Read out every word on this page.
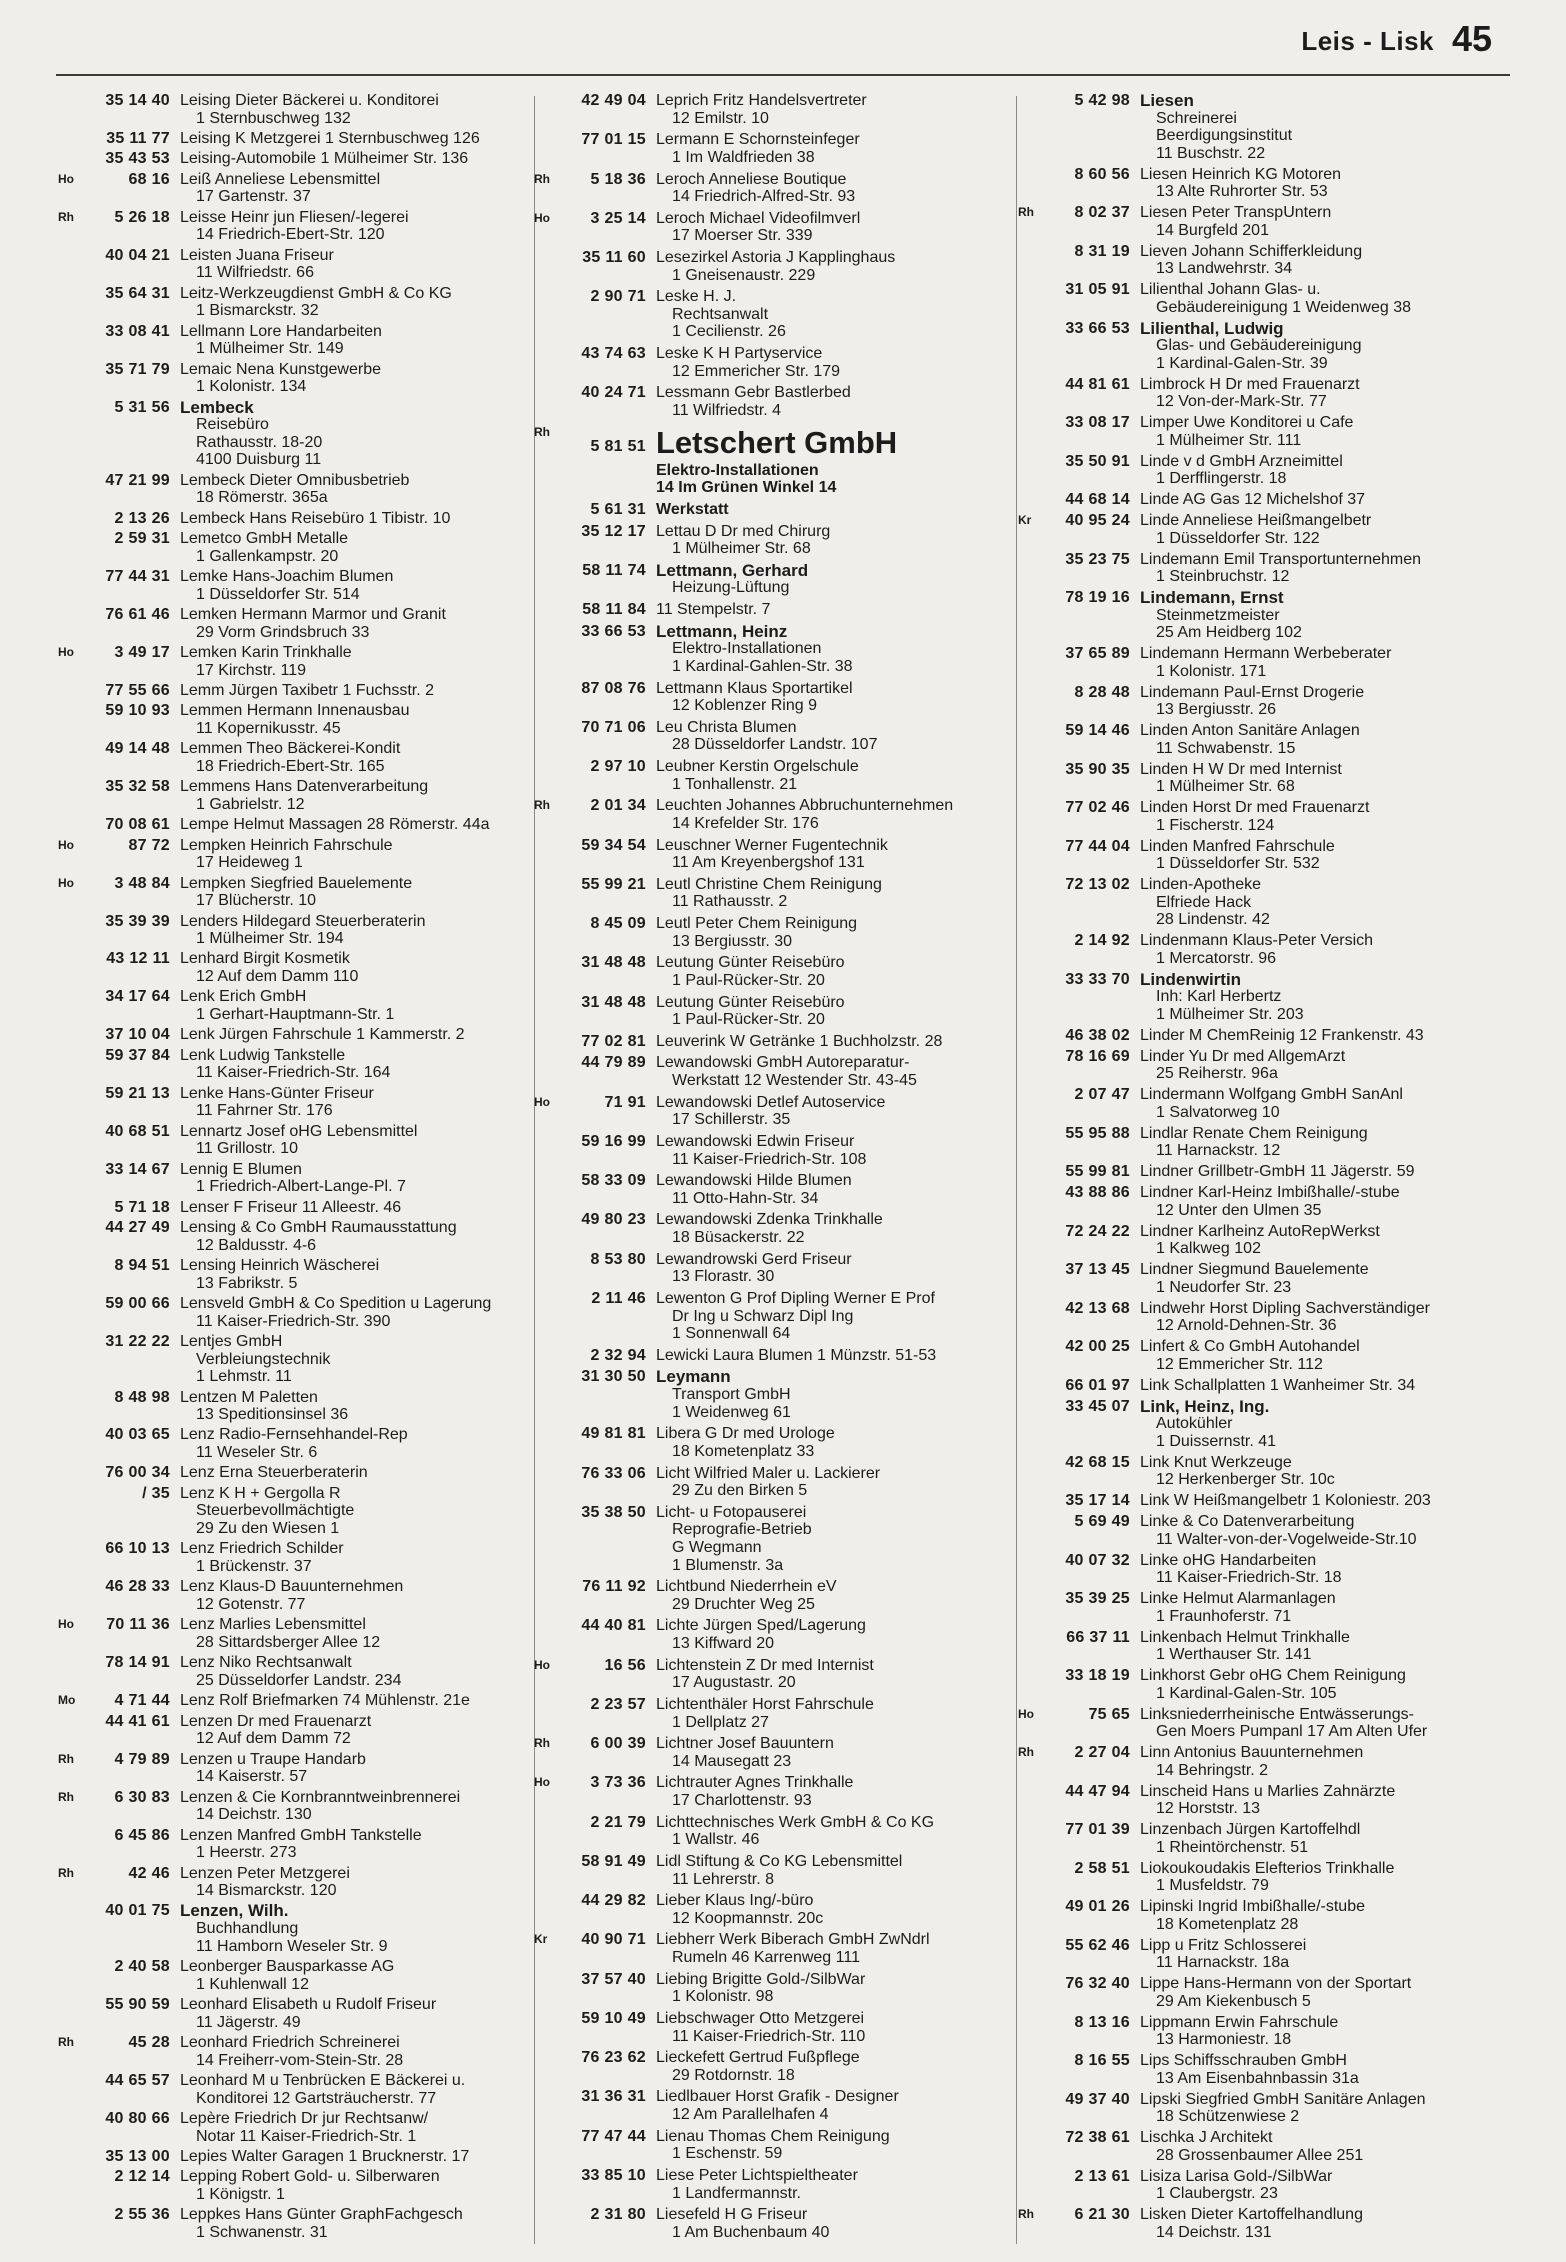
Leis - Lisk 45
35 14 40 Leising Dieter Bäckerei u. Konditorei
1 Sternbuschweg 132
35 11 77 Leising K Metzgerei 1 Sternbuschweg 126
35 43 53 Leising-Automobile 1 Mülheimer Str. 136
Ho	68 16 Leiß Anneliese Lebensmittel
17 Gartenstr. 37
Rh	5 26 18 Leisse Heinr jun Fliesen/-legerei
14 Friedrich-Ebert-Str. 120
40 04 21 Leisten Juana Friseur
11 Wilfriedstr. 66
35 64 31 Leitz-Werkzeugdienst GmbH & Co KG
1 Bismarckstr. 32
33 08 41 Lellmann Lore Handarbeiten
1 Mülheimer Str. 149
35 71 79 Lemaic Nena Kunstgewerbe
1 Kolonistr. 134
5 31 56 Lembeck
Reisebüro
Rathausstr. 18-20
4100 Duisburg 11
47 21 99 Lembeck Dieter Omnibusbetrieb
18 Römerstr. 365a
2 13 26 Lembeck Hans Reisebüro 1 Tibistr. 10
2 59 31 Lemetco GmbH Metalle
1 Gallenkampstr. 20
77 44 31 Lemke Hans-Joachim Blumen
1 Düsseldorfer Str. 514
76 61 46 Lemken Hermann Marmor und Granit
29 Vorm Grindsbruch 33
Ho	3 49 17 Lemken Karin Trinkhalle
17 Kirchstr. 119
77 55 66 Lemm Jürgen Taxibetr 1 Fuchsstr. 2
59 10 93 Lemmen Hermann Innenausbau
11 Kopernikusstr. 45
49 14 48 Lemmen Theo Bäckerei-Kondit
18 Friedrich-Ebert-Str. 165
35 32 58 Lemmens Hans Datenverarbeitung
1 Gabrielstr. 12
70 08 61 Lempe Helmut Massagen 28 Römerstr. 44a
Ho	87 72 Lempken Heinrich Fahrschule
17 Heideweg 1
Ho	3 48 84 Lempken Siegfried Bauelemente
17 Blücherstr. 10
35 39 39 Lenders Hildegard Steuerberaterin
1 Mülheimer Str. 194
43 12 11 Lenhard Birgit Kosmetik
12 Auf dem Damm 110
34 17 64 Lenk Erich GmbH
1 Gerhart-Hauptmann-Str. 1
37 10 04 Lenk Jürgen Fahrschule 1 Kammerstr. 2
59 37 84 Lenk Ludwig Tankstelle
11 Kaiser-Friedrich-Str. 164
59 21 13 Lenke Hans-Günter Friseur
11 Fahrner Str. 176
40 68 51 Lennartz Josef oHG Lebensmittel
11 Grillostr. 10
33 14 67 Lennig E Blumen
1 Friedrich-Albert-Lange-Pl. 7
5 71 18 Lenser F Friseur 11 Alleestr. 46
44 27 49 Lensing & Co GmbH Raumausstattung
12 Baldusstr. 4-6
8 94 51 Lensing Heinrich Wäscherei
13 Fabrikstr. 5
59 00 66 Lensveld GmbH & Co Spedition u Lagerung
11 Kaiser-Friedrich-Str. 390
31 22 22 Lentjes GmbH
Verbleiungstechnik
1 Lehmstr. 11
8 48 98 Lentzen M Paletten
13 Speditionsinsel 36
40 03 65 Lenz Radio-Fernsehhandel-Rep
11 Weseler Str. 6
76 00 34 Lenz Erna Steuerberaterin
/ 35 Lenz K H + Gergolla R
Steuerbevollmächtigte
29 Zu den Wiesen 1
66 10 13 Lenz Friedrich Schilder
1 Brückenstr. 37
46 28 33 Lenz Klaus-D Bauunternehmen
12 Gotenstr. 77
Ho	70 11 36 Lenz Marlies Lebensmittel
28 Sittardsberger Allee 12
78 14 91 Lenz Niko Rechtsanwalt
25 Düsseldorfer Landstr. 234
Mo	4 71 44 Lenz Rolf Briefmarken 74 Mühlenstr. 21e
44 41 61 Lenzen Dr med Frauenarzt
12 Auf dem Damm 72
Rh	4 79 89 Lenzen u Traupe Handarb
14 Kaiserstr. 57
Rh	6 30 83 Lenzen & Cie Kornbranntweinbrennerei
14 Deichstr. 130
6 45 86 Lenzen Manfred GmbH Tankstelle
1 Heerstr. 273
Rh	42 46 Lenzen Peter Metzgerei
14 Bismarckstr. 120
40 01 75 Lenzen, Wilh.
Buchhandlung
11 Hamborn Weseler Str. 9
2 40 58 Leonberger Bausparkasse AG
1 Kuhlenwall 12
55 90 59 Leonhard Elisabeth u Rudolf Friseur
11 Jägerstr. 49
Rh	45 28 Leonhard Friedrich Schreinerei
14 Freiherr-vom-Stein-Str. 28
44 65 57 Leonhard M u Tenbrücken E Bäckerei u.
Konditorei 12 Gartsträucherstr. 77
40 80 66 Lepère Friedrich Dr jur Rechtsanw/
Notar 11 Kaiser-Friedrich-Str. 1
35 13 00 Lepies Walter Garagen 1 Brucknerstr. 17
2 12 14 Lepping Robert Gold- u. Silberwaren
1 Königstr. 1
2 55 36 Leppkes Hans Günter GraphFachgesch
1 Schwanenstr. 31
42 49 04 Leprich Fritz Handelsvertreter
12 Emilstr. 10
77 01 15 Lermann E Schornsteinfeger
1 Im Waldfrieden 38
Rh	5 18 36 Leroch Anneliese Boutique
14 Friedrich-Alfred-Str. 93
Ho	3 25 14 Leroch Michael Videofilmverl
17 Moerser Str. 339
35 11 60 Lesezirkel Astoria J Kapplinghaus
1 Gneisenaustr. 229
2 90 71 Leske H. J.
Rechtsanwalt
1 Cecilienstr. 26
43 74 63 Leske K H Partyservice
12 Emmericher Str. 179
40 24 71 Lessmann Gebr Bastlerbed
11 Wilfriedstr. 4
Rh
5 81 51 Letschert GmbH
Elektro-Installationen
14 Im Grünen Winkel 14
5 61 31 Werkstatt
35 12 17 Lettau D Dr med Chirurg
1 Mülheimer Str. 68
58 11 74 Lettmann, Gerhard
Heizung-Lüftung
58 11 84 11 Stempelstr. 7
33 66 53 Lettmann, Heinz
Elektro-Installationen
1 Kardinal-Gahlen-Str. 38
87 08 76 Lettmann Klaus Sportartikel
12 Koblenzer Ring 9
70 71 06 Leu Christa Blumen
28 Düsseldorfer Landstr. 107
2 97 10 Leubner Kerstin Orgelschule
1 Tonhallenstr. 21
Rh	2 01 34 Leuchten Johannes Abbruchunternehmen
14 Krefelder Str. 176
59 34 54 Leuschner Werner Fugentechnik
11 Am Kreyenbergshof 131
55 99 21 Leutl Christine Chem Reinigung
11 Rathausstr. 2
8 45 09 Leutl Peter Chem Reinigung
13 Bergiusstr. 30
31 48 48 Leutung Günter Reisebüro
1 Paul-Rücker-Str. 20
31 48 48 Leutung Günter Reisebüro
1 Paul-Rücker-Str. 20
77 02 81 Leuverink W Getränke 1 Buchholzstr. 28
44 79 89 Lewandowski GmbH Autoreparatur-
Werkstatt 12 Westender Str. 43-45
Ho	71 91 Lewandowski Detlef Autoservice
17 Schillerstr. 35
59 16 99 Lewandowski Edwin Friseur
11 Kaiser-Friedrich-Str. 108
58 33 09 Lewandowski Hilde Blumen
11 Otto-Hahn-Str. 34
49 80 23 Lewandowski Zdenka Trinkhalle
18 Büsackerstr. 22
8 53 80 Lewandrowski Gerd Friseur
13 Florastr. 30
2 11 46 Lewenton G Prof Dipling Werner E Prof
Dr Ing u Schwarz Dipl Ing
1 Sonnenwall 64
2 32 94 Lewicki Laura Blumen 1 Münzstr. 51-53
31 30 50 Leymann
Transport GmbH
1 Weidenweg 61
49 81 81 Libera G Dr med Urologe
18 Kometenplatz 33
76 33 06 Licht Wilfried Maler u. Lackierer
29 Zu den Birken 5
35 38 50 Licht- u Fotopauserei
Reprografie-Betrieb
G Wegmann
1 Blumenstr. 3a
76 11 92 Lichtbund Niederrhein eV
29 Druchter Weg 25
44 40 81 Lichte Jürgen Sped/Lagerung
13 Kiffward 20
Ho	16 56 Lichtenstein Z Dr med Internist
17 Augustastr. 20
2 23 57 Lichtenthäler Horst Fahrschule
1 Dellplatz 27
Rh	6 00 39 Lichtner Josef Bauuntern
14 Mausegatt 23
Ho	3 73 36 Lichtrauter Agnes Trinkhalle
17 Charlottenstr. 93
2 21 79 Lichttechnisches Werk GmbH & Co KG
1 Wallstr. 46
58 91 49 Lidl Stiftung & Co KG Lebensmittel
11 Lehrerstr. 8
44 29 82 Lieber Klaus Ing/-büro
12 Koopmannstr. 20c
Kr	40 90 71 Liebherr Werk Biberach GmbH ZwNdrl
Rumeln 46 Karrenweg 111
37 57 40 Liebing Brigitte Gold-/SilbWar
1 Kolonistr. 98
59 10 49 Liebschwager Otto Metzgerei
11 Kaiser-Friedrich-Str. 110
76 23 62 Lieckefett Gertrud Fußpflege
29 Rotdornstr. 18
31 36 31 Liedlbauer Horst Grafik - Designer
12 Am Parallelhafen 4
77 47 44 Lienau Thomas Chem Reinigung
1 Eschenstr. 59
33 85 10 Liese Peter Lichtspieltheater
1 Landfermannstr.
2 31 80 Liesefeld H G Friseur
1 Am Buchenbaum 40
5 42 98 Liesen
Schreinerei
Beerdigungsinstitut
11 Buschstr. 22
8 60 56 Liesen Heinrich KG Motoren
13 Alte Ruhrorter Str. 53
Rh	8 02 37 Liesen Peter TranspUntern
14 Burgfeld 201
8 31 19 Lieven Johann Schifferkleidung
13 Landwehrstr. 34
31 05 91 Lilienthal Johann Glas- u.
Gebäudereinigung 1 Weidenweg 38
33 66 53 Lilienthal, Ludwig
Glas- und Gebäudereinigung
1 Kardinal-Galen-Str. 39
44 81 61 Limbrock H Dr med Frauenarzt
12 Von-der-Mark-Str. 77
33 08 17 Limper Uwe Konditorei u Cafe
1 Mülheimer Str. 111
35 50 91 Linde v d GmbH Arzneimittel
1 Derfflingerstr. 18
44 68 14 Linde AG Gas 12 Michelshof 37
Kr	40 95 24 Linde Anneliese Heißmangelbetr
1 Düsseldorfer Str. 122
35 23 75 Lindemann Emil Transportunternehmen
1 Steinbruchstr. 12
78 19 16 Lindemann, Ernst
Steinmetzmeister
25 Am Heidberg 102
37 65 89 Lindemann Hermann Werbeberater
1 Kolonistr. 171
8 28 48 Lindemann Paul-Ernst Drogerie
13 Bergiusstr. 26
59 14 46 Linden Anton Sanitäre Anlagen
11 Schwabenstr. 15
35 90 35 Linden H W Dr med Internist
1 Mülheimer Str. 68
77 02 46 Linden Horst Dr med Frauenarzt
1 Fischerstr. 124
77 44 04 Linden Manfred Fahrschule
1 Düsseldorfer Str. 532
72 13 02 Linden-Apotheke
Elfriede Hack
28 Lindenstr. 42
2 14 92 Lindenmann Klaus-Peter Versich
1 Mercatorstr. 96
33 33 70 Lindenwirtin
Inh: Karl Herbertz
1 Mülheimer Str. 203
46 38 02 Linder M ChemReinig 12 Frankenstr. 43
78 16 69 Linder Yu Dr med AllgemArzt
25 Reiherstr. 96a
2 07 47 Lindermann Wolfgang GmbH SanAnl
1 Salvatorweg 10
55 95 88 Lindlar Renate Chem Reinigung
11 Harnackstr. 12
55 99 81 Lindner Grillbetr-GmbH 11 Jägerstr. 59
43 88 86 Lindner Karl-Heinz Imbißhalle/-stube
12 Unter den Ulmen 35
72 24 22 Lindner Karlheinz AutoRepWerkst
1 Kalkweg 102
37 13 45 Lindner Siegmund Bauelemente
1 Neudorfer Str. 23
42 13 68 Lindwehr Horst Dipling Sachverständiger
12 Arnold-Dehnen-Str. 36
42 00 25 Linfert & Co GmbH Autohandel
12 Emmericher Str. 112
66 01 97 Link Schallplatten 1 Wanheimer Str. 34
33 45 07 Link, Heinz, Ing.
Autokühler
1 Duissernstr. 41
42 68 15 Link Knut Werkzeuge
12 Herkenberger Str. 10c
35 17 14 Link W Heißmangelbetr 1 Koloniestr. 203
5 69 49 Linke & Co Datenverarbeitung
11 Walter-von-der-Vogelweide-Str.10
40 07 32 Linke oHG Handarbeiten
11 Kaiser-Friedrich-Str. 18
35 39 25 Linke Helmut Alarmanlagen
1 Fraunhoferstr. 71
66 37 11 Linkenbach Helmut Trinkhalle
1 Werthauser Str. 141
33 18 19 Linkhorst Gebr oHG Chem Reinigung
1 Kardinal-Galen-Str. 105
Ho	75 65 Linksniederrheinische Entwässerungs-
Gen Moers Pumpanl 17 Am Alten Ufer
Rh	2 27 04 Linn Antonius Bauunternehmen
14 Behringstr. 2
44 47 94 Linscheid Hans u Marlies Zahnärzte
12 Horststr. 13
77 01 39 Linzenbach Jürgen Kartoffelhdl
1 Rheintörchenstr. 51
2 58 51 Liokoukoudakis Elefterios Trinkhalle
1 Musfeldstr. 79
49 01 26 Lipinski Ingrid Imbißhalle/-stube
18 Kometenplatz 28
55 62 46 Lipp u Fritz Schlosserei
11 Harnackstr. 18a
76 32 40 Lippe Hans-Hermann von der Sportart
29 Am Kiekenbusch 5
8 13 16 Lippmann Erwin Fahrschule
13 Harmoniestr. 18
8 16 55 Lips Schiffsschrauben GmbH
13 Am Eisenbahnbassin 31a
49 37 40 Lipski Siegfried GmbH Sanitäre Anlagen
18 Schützenwiese 2
72 38 61 Lischka J Architekt
28 Grossenbaumer Allee 251
2 13 61 Lisiza Larisa Gold-/SilbWar
1 Claubergstr. 23
Rh	6 21 30 Lisken Dieter Kartoffelhandlung
14 Deichstr. 131
